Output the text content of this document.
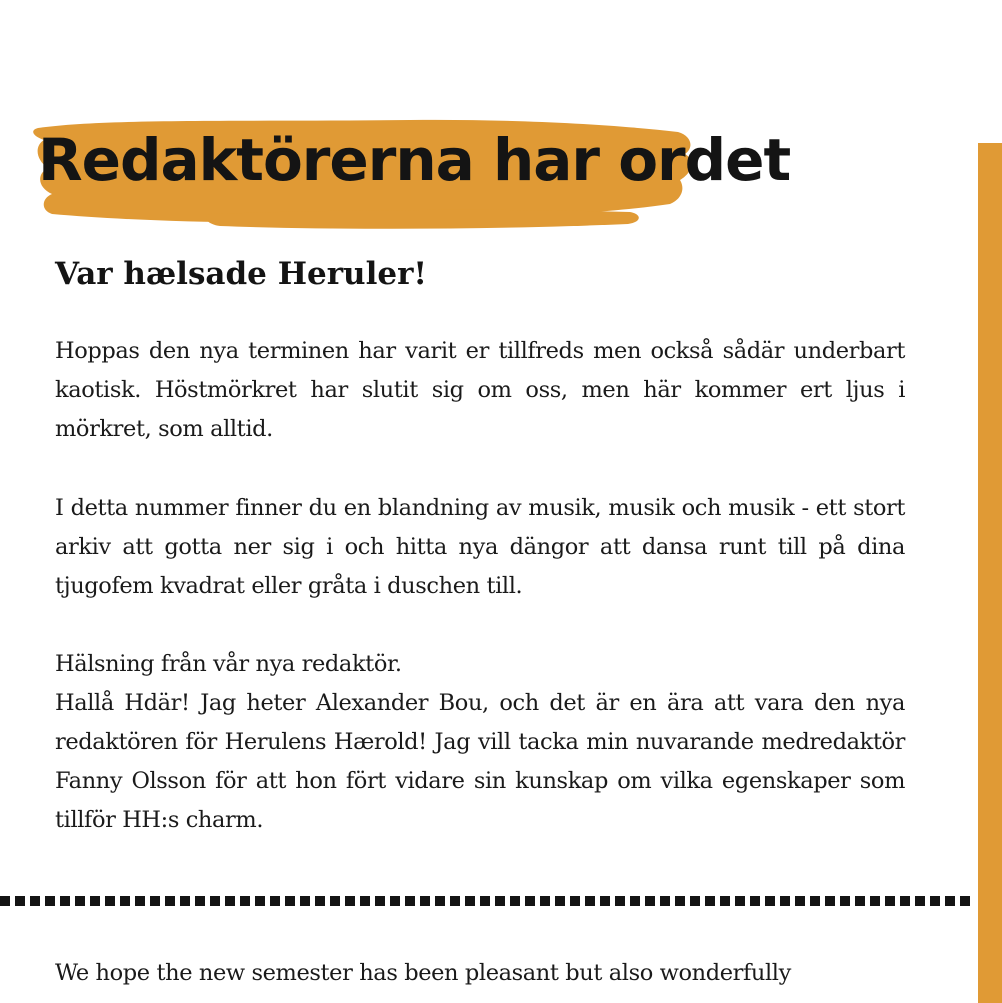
Redaktörerna har ordet
Var hælsade Heruler!

Hoppas den nya terminen har varit er tillfreds men också sådär underbart kaotisk. Höstmörkret har slutit sig om oss, men här kommer ert ljus i mörkret, som alltid.

I detta nummer finner du en blandning av musik, musik och musik - ett stort arkiv att gotta ner sig i och hitta nya dängor att dansa runt till på dina tjugofem kvadrat eller gråta i duschen till.

Hälsning från vår nya redaktör.

Hallå Hdär! Jag heter Alexander Bou, och det är en ära att vara den nya redaktören för Herulens Hærold! Jag vill tacka min nuvarande medredaktör Fanny Olsson för att hon fört vidare sin kunskap om vilka egenskaper som tillför HH:s charm.

We hope the new semester has been pleasant but also wonderfully
